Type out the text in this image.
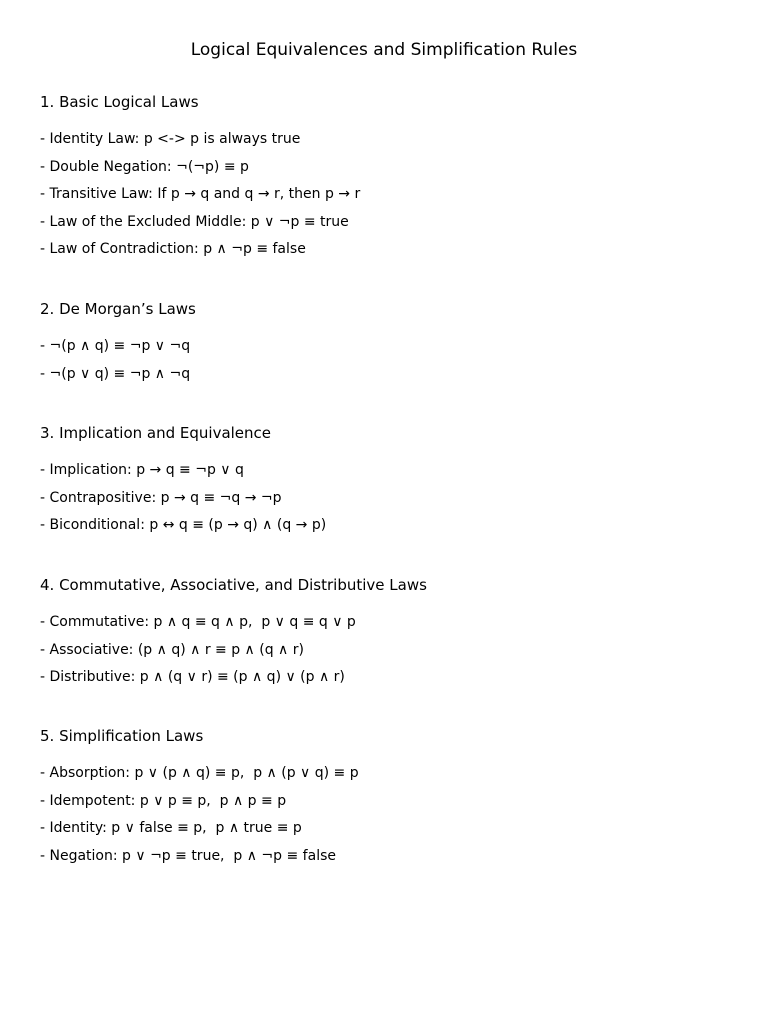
Logical Equivalences and Simplification Rules
1. Basic Logical Laws
- Identity Law: p <-> p is always true
- Double Negation: ¬(¬p) ≡ p
- Transitive Law: If p → q and q → r, then p → r
- Law of the Excluded Middle: p ∨ ¬p ≡ true
- Law of Contradiction: p ∧ ¬p ≡ false
2. De Morgan’s Laws
- ¬(p ∧ q) ≡ ¬p ∨ ¬q
- ¬(p ∨ q) ≡ ¬p ∧ ¬q
3. Implication and Equivalence
- Implication: p → q ≡ ¬p ∨ q
- Contrapositive: p → q ≡ ¬q → ¬p
- Biconditional: p ↔ q ≡ (p → q) ∧ (q → p)
4. Commutative, Associative, and Distributive Laws
- Commutative: p ∧ q ≡ q ∧ p,  p ∨ q ≡ q ∨ p
- Associative: (p ∧ q) ∧ r ≡ p ∧ (q ∧ r)
- Distributive: p ∧ (q ∨ r) ≡ (p ∧ q) ∨ (p ∧ r)
5. Simplification Laws
- Absorption: p ∨ (p ∧ q) ≡ p,  p ∧ (p ∨ q) ≡ p
- Idempotent: p ∨ p ≡ p,  p ∧ p ≡ p
- Identity: p ∨ false ≡ p,  p ∧ true ≡ p
- Negation: p ∨ ¬p ≡ true,  p ∧ ¬p ≡ false
